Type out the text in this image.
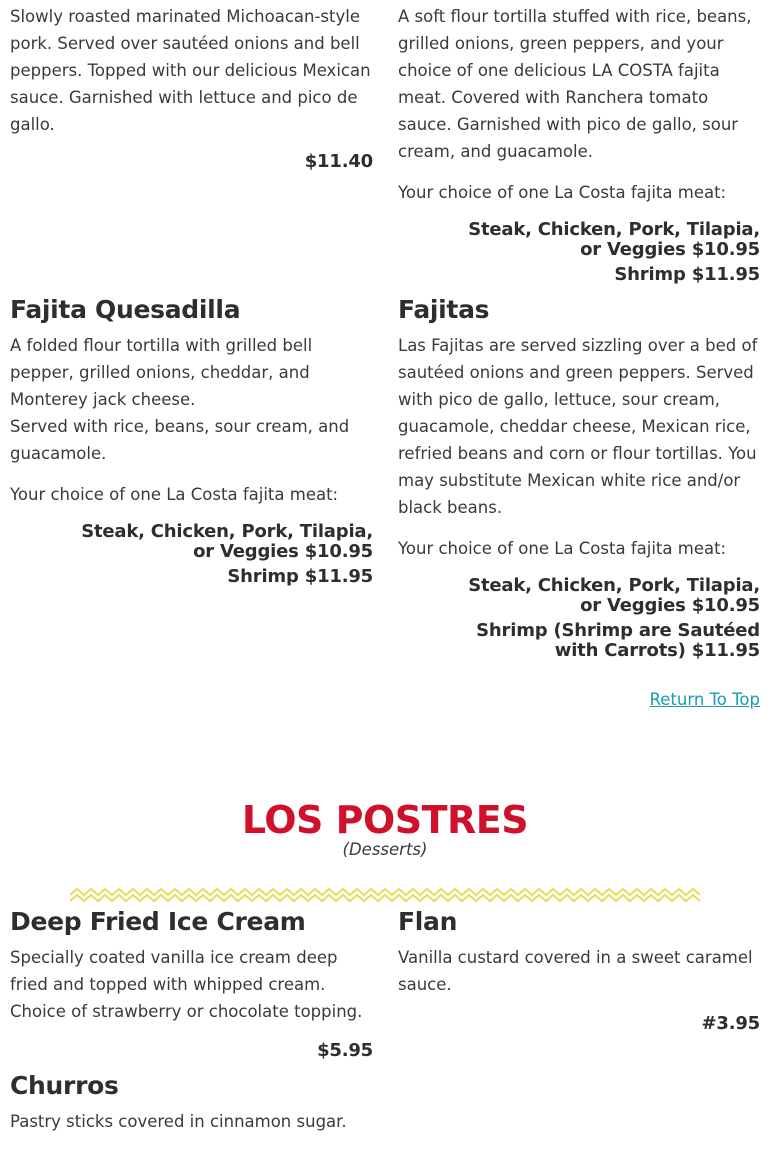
Slowly roasted marinated Michoacan-style pork. Served over sautéed onions and bell peppers. Topped with our delicious Mexican sauce. Garnished with lettuce and pico de gallo.

$11.40

A soft flour tortilla stuffed with rice, beans, grilled onions, green peppers, and your choice of one delicious LA COSTA fajita meat. Covered with Ranchera tomato sauce. Garnished with pico de gallo, sour cream, and guacamole.

Your choice of one La Costa fajita meat:

Steak, Chicken, Pork, Tilapia, or Veggies $10.95

Shrimp $11.95

Fajita Quesadilla

A folded flour tortilla with grilled bell pepper, grilled onions, cheddar, and Monterey jack cheese.

Served with rice, beans, sour cream, and guacamole.

Your choice of one La Costa fajita meat:

Steak, Chicken, Pork, Tilapia, or Veggies $10.95

Shrimp $11.95

Fajitas

Las Fajitas are served sizzling over a bed of sautéed onions and green peppers. Served with pico de gallo, lettuce, sour cream, guacamole, cheddar cheese, Mexican rice, refried beans and corn or flour tortillas. You may substitute Mexican white rice and/or black beans.

Your choice of one La Costa fajita meat:

Steak, Chicken, Pork, Tilapia, or Veggies $10.95

Shrimp (Shrimp are Sautéed with Carrots) $11.95

Return To Top
LOS POSTRES

(Desserts)

Deep Fried Ice Cream

Specially coated vanilla ice cream deep fried and topped with whipped cream. Choice of strawberry or chocolate topping.

$5.95

Flan

Vanilla custard covered in a sweet caramel sauce.

#3.95

Churros

Pastry sticks covered in cinnamon sugar.
